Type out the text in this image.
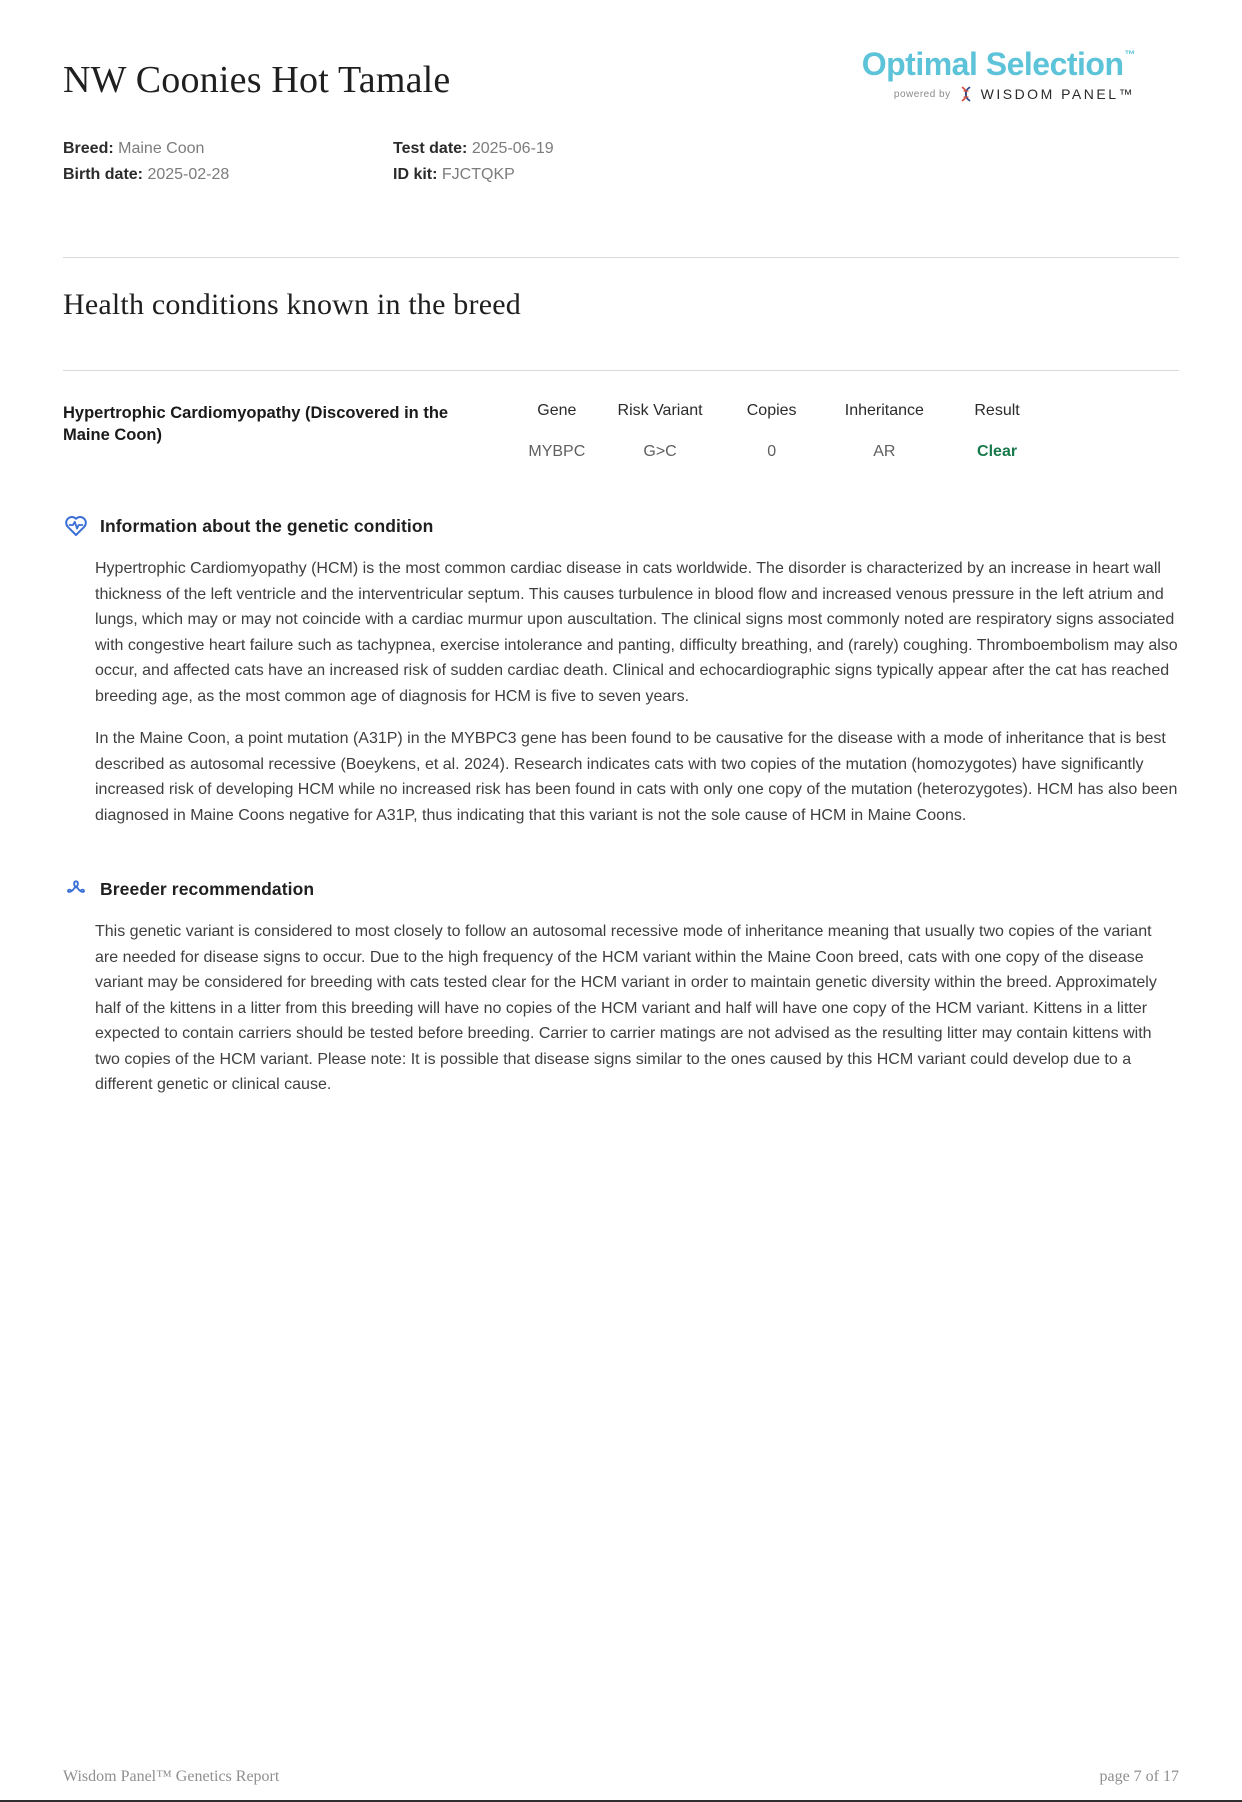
NW Coonies Hot Tamale	Optimal Selection™
powered by WISDOM PANEL™
Breed: Maine Coon	Test date: 2025-06-19
Birth date: 2025-02-28	ID kit: FJCTQKP
Health conditions known in the breed
Hypertrophic Cardiomyopathy (Discovered in the Maine Coon)
Gene	Risk Variant	Copies	Inheritance	Result
MYBPC	G>C	0	AR	Clear
Information about the genetic condition

Hypertrophic Cardiomyopathy (HCM) is the most common cardiac disease in cats worldwide. The disorder is characterized by an increase in heart wall thickness of the left ventricle and the interventricular septum. This causes turbulence in blood flow and increased venous pressure in the left atrium and lungs, which may or may not coincide with a cardiac murmur upon auscultation. The clinical signs most commonly noted are respiratory signs associated with congestive heart failure such as tachypnea, exercise intolerance and panting, difficulty breathing, and (rarely) coughing. Thromboembolism may also occur, and affected cats have an increased risk of sudden cardiac death. Clinical and echocardiographic signs typically appear after the cat has reached breeding age, as the most common age of diagnosis for HCM is five to seven years.

In the Maine Coon, a point mutation (A31P) in the MYBPC3 gene has been found to be causative for the disease with a mode of inheritance that is best described as autosomal recessive (Boeykens, et al. 2024). Research indicates cats with two copies of the mutation (homozygotes) have significantly increased risk of developing HCM while no increased risk has been found in cats with only one copy of the mutation (heterozygotes). HCM has also been diagnosed in Maine Coons negative for A31P, thus indicating that this variant is not the sole cause of HCM in Maine Coons.

Breeder recommendation

This genetic variant is considered to most closely to follow an autosomal recessive mode of inheritance meaning that usually two copies of the variant are needed for disease signs to occur. Due to the high frequency of the HCM variant within the Maine Coon breed, cats with one copy of the disease variant may be considered for breeding with cats tested clear for the HCM variant in order to maintain genetic diversity within the breed. Approximately half of the kittens in a litter from this breeding will have no copies of the HCM variant and half will have one copy of the HCM variant. Kittens in a litter expected to contain carriers should be tested before breeding. Carrier to carrier matings are not advised as the resulting litter may contain kittens with two copies of the HCM variant. Please note: It is possible that disease signs similar to the ones caused by this HCM variant could develop due to a different genetic or clinical cause.

Wisdom Panel™ Genetics Report	page 7 of 17
